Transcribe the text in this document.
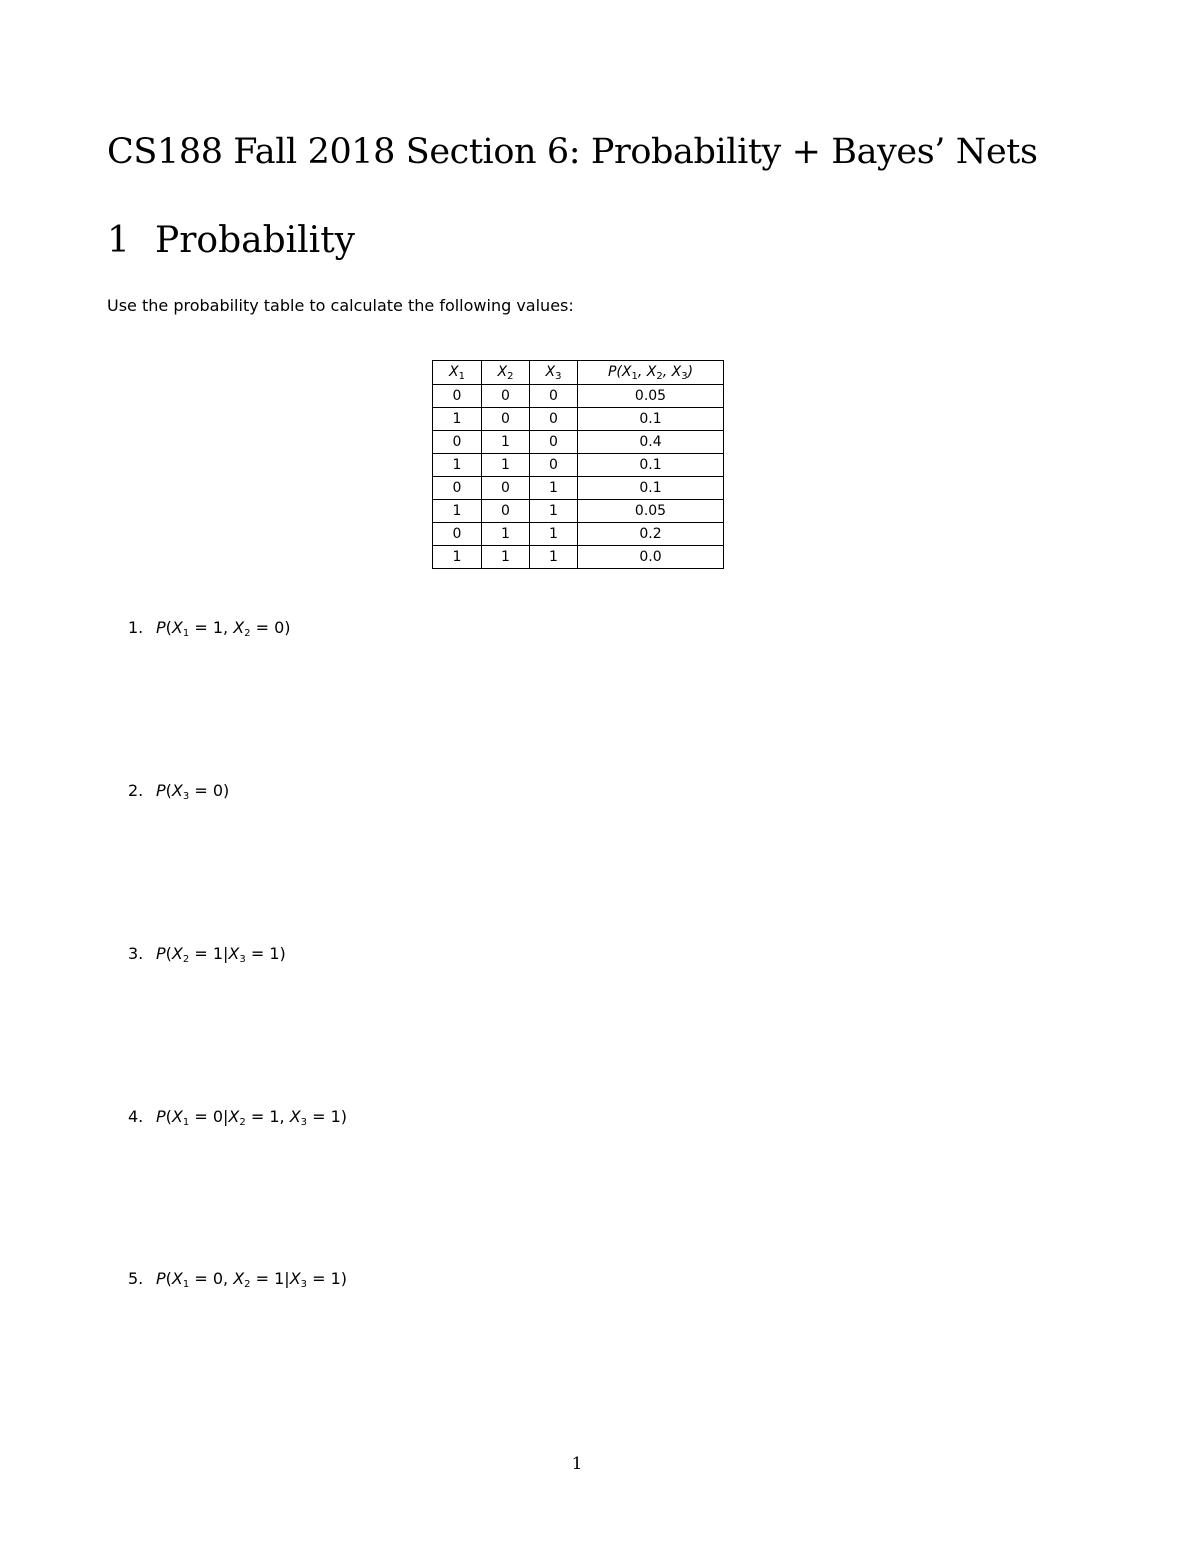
CS188 Fall 2018 Section 6: Probability + Bayes’ Nets
1 Probability
Use the probability table to calculate the following values:
$X_1$	$X_2$	$X_3$	$P(X_1$, $X_2$, $X_3$)
0	0	0	0.05
1	0	0	0.1
0	1	0	0.4
1	1	0	0.1
0	0	1	0.1
1	0	1	0.05
0	1	1	0.2
1	1	1	0.0
1. $P(X_1 = 1$, $X_2 = 0$)
2. $P(X_3 = 0)$
3. $P(X_2 = 1|X_3 = 1)$
4. $P(X_1 = 0|X_2 = 1$, $X_3 = 1$)
5. $P(X_1 = 0$, $X_2 = 1|X_3 = 1$)
1
